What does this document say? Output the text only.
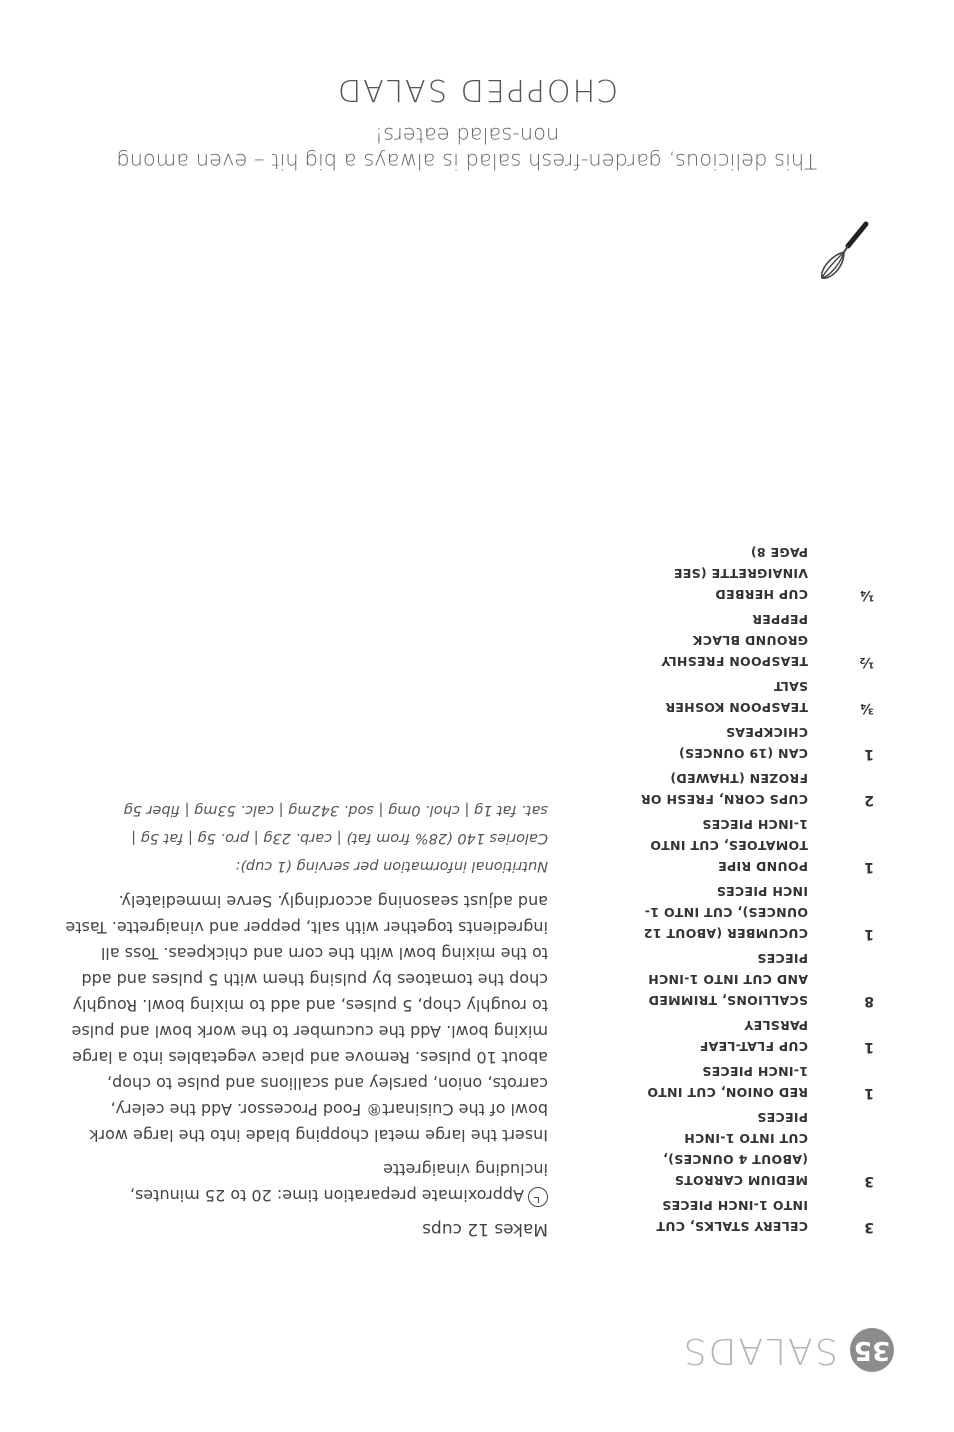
35
SALADS
CHOPPED SALAD
This delicious, garden-fresh salad is always a big hit – even among non-salad eaters!
3
CELERY STALKS, CUT INTO 1-INCH PIECES
3
MEDIUM CARROTS (ABOUT 4 OUNCES), CUT INTO 1-INCH PIECES
1
RED ONION, CUT INTO 1-INCH PIECES
1
CUP FLAT-LEAF PARSLEY
8
SCALLIONS, TRIMMED AND CUT INTO 1-INCH PIECES
1
CUCUMBER (ABOUT 12 OUNCES), CUT INTO 1-INCH PIECES
1
POUND RIPE TOMATOES, CUT INTO 1-INCH PIECES
2
CUPS CORN, FRESH OR FROZEN (THAWED)
1
CAN (19 OUNCES) CHICKPEAS
¾
TEASPOON KOSHER SALT
½
TEASPOON FRESHLY GROUND BLACK PEPPER
¼
CUP HERBED VINAIGRETTE (SEE PAGE 8)
Makes 12 cups
Approximate preparation time: 20 to 25 minutes, including vinaigrette

Insert the large metal chopping blade into the large work bowl of the Cuisinart® Food Processor. Add the celery, carrots, onion, parsley and scallions and pulse to chop, about 10 pulses. Remove and place vegetables into a large mixing bowl. Add the cucumber to the work bowl and pulse to roughly chop, 5 pulses, and add to mixing bowl. Roughly chop the tomatoes by pulsing them with 5 pulses and add to the mixing bowl with the corn and chickpeas. Toss all ingredients together with salt, pepper and vinaigrette. Taste and adjust seasoning accordingly. Serve immediately.

Nutritional information per serving (1 cup):

Calories 140 (28% from fat) | carb. 23g | pro. 5g | fat 5g |

sat. fat 1g | chol. 0mg | sod. 342mg | calc. 53mg | fiber 5g
